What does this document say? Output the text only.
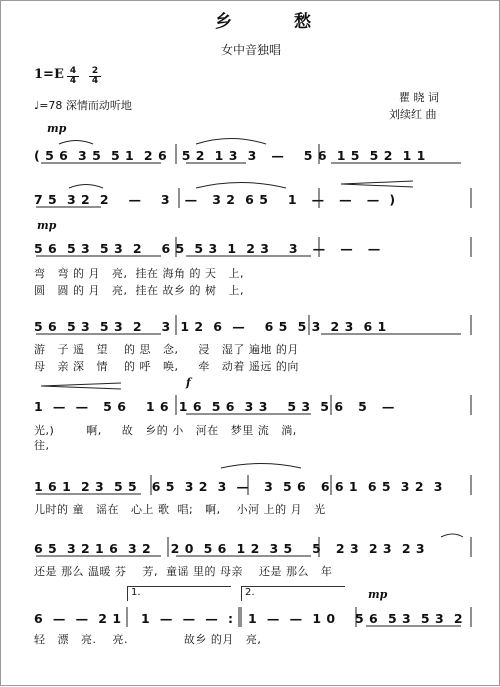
乡 愁
女中音独唱
1=E 4
4
2
4
♩=78 深情而动听地
瞿 晓 词
刘续红 曲
mp
mp
f
mp
( 5 6  3 5  5 1  2 6   5 2  1 3  3   —    5 6  1 5  5 2  1 1
7 5  3 2  2    —    3   —   3 2  6 5    1   —   —   —  )
5 6  5 3  5 3  2    6 5  5 3  1  2 3    3   —   —   —
弯   弯 的 月   亮,  挂在 海角 的 天   上,
圆   圆 的 月   亮,  挂在 故乡 的 树   上,
5 6  5 3  5 3  2    3  1 2  6  —    6 5  5 3  2 3  6 1
游   子 遥   望    的 思   念,     浸   湿了 遍地 的月
母   亲 深   情    的 呼   唤,     牵   动着 遥远 的向
1  —  —   5 6    1 6  1 6  5 6  3 3    5 3  5 6   5   —
光,)        啊,     故   乡的 小   河在   梦里 流   淌,
往,
1 6 1  2 3  5 5   6 5  3 2  3  —   3  5 6   6 6 1  6 5  3 2  3
儿时的 童   谣在   心上 歌  唱;   啊,    小河 上的 月   光
6 5  3 2 1 6  3 2    2 0  5 6  1 2  3 5    5   2 3  2 3  2 3
还是 那么 温暖 芬    芳,  童谣 里的 母亲    还是 那么   年
6  —  —  2 1    1  —  —  —  :   1  —  —  1 0    5 6  5 3  5 3  2
轻   漂   亮.    亮.              故乡 的月   亮,
1.	2.
